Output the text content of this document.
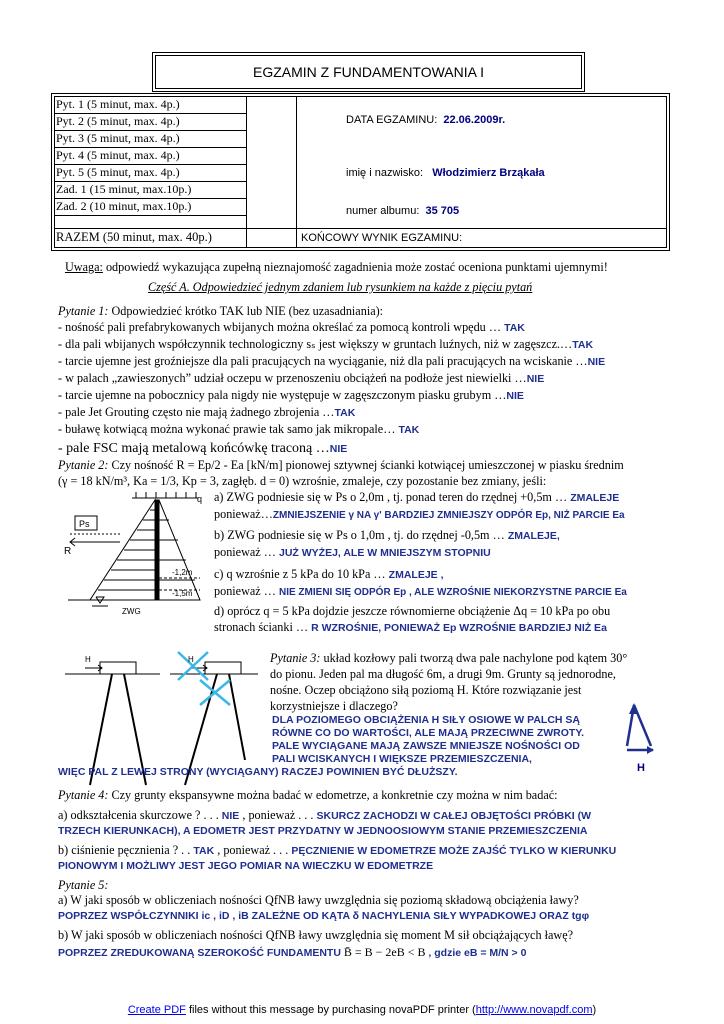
EGZAMIN Z FUNDAMENTOWANIA I
Pyt. 1 (5 minut, max. 4p.)
Pyt. 2 (5 minut, max. 4p.)
Pyt. 3 (5 minut, max. 4p.)
Pyt. 4 (5 minut, max. 4p.)
Pyt. 5 (5 minut, max. 4p.)
Zad. 1 (15 minut, max.10p.)
Zad. 2 (10 minut, max.10p.)
RAZEM (50 minut, max. 40p.)
DATA EGZAMINU: 22.06.2009r.
imię i nazwisko: Włodzimierz Brząkała
numer albumu: 35 705
KOŃCOWY WYNIK EGZAMINU:
Uwaga: odpowiedź wykazująca zupełną nieznajomość zagadnienia może zostać oceniona punktami ujemnymi!
Część A. Odpowiedzieć jednym zdaniem lub rysunkiem na każde z pięciu pytań
Pytanie 1: Odpowiedzieć krótko TAK lub NIE (bez uzasadniania):
- nośność pali prefabrykowanych wbijanych można określać za pomocą kontroli wpędu … TAK
- dla pali wbijanych współczynnik technologiczny sₛ jest większy w gruntach luźnych, niż w zagęszcz.…TAK
- tarcie ujemne jest groźniejsze dla pali pracujących na wyciąganie, niż dla pali pracujących na wciskanie …NIE
- w palach „zawieszonych” udział oczepu w przenoszeniu obciążeń na podłoże jest niewielki …NIE
- tarcie ujemne na pobocznicy pala nigdy nie występuje w zagęszczonym piasku grubym …NIE
- pale Jet Grouting często nie mają żadnego zbrojenia …TAK
- buławę kotwiącą można wykonać prawie tak samo jak mikropale… TAK
- pale FSC mają metalową końcówkę traconą …NIE
Pytanie 2: Czy nośność R = Ep/2 - Ea [kN/m] pionowej sztywnej ścianki kotwiącej umieszczonej w piasku średnim
(γ = 18 kN/m³, Ka = 1/3, Kp = 3, zagłęb. d = 0) wzrośnie, zmaleje, czy pozostanie bez zmiany, jeśli:
q
Ps
R
-1,2m
-1,5m
ZWG
a) ZWG podniesie się w Ps o 2,0m , tj. ponad teren do rzędnej +0,5m … ZMALEJE
ponieważ…ZMNIEJSZENIE γ NA γ' BARDZIEJ ZMNIEJSZY ODPÓR Ep, NIŻ PARCIE Ea
b) ZWG podniesie się w Ps o 1,0m , tj. do rzędnej -0,5m … ZMALEJE,
ponieważ … JUŻ WYŻEJ, ALE W MNIEJSZYM STOPNIU
c) q wzrośnie z 5 kPa do 10 kPa … ZMALEJE ,
ponieważ … NIE ZMIENI SIĘ ODPÓR Ep , ALE WZROŚNIE NIEKORZYSTNE PARCIE Ea
d) oprócz q = 5 kPa dojdzie jeszcze równomierne obciążenie Δq = 10 kPa po obu
stronach ścianki … R WZROŚNIE, PONIEWAŻ Ep WZROŚNIE BARDZIEJ NIŻ Ea
H	H	Pytanie 3: układ kozłowy pali tworzą dwa pale nachylone pod kątem 30°
do pionu. Jeden pal ma długość 6m, a drugi 9m. Grunty są jednorodne,
nośne. Oczep obciążono siłą poziomą H. Które rozwiązanie jest
korzystniejsze i dlaczego?
DLA POZIOMEGO OBCIĄŻENIA H SIŁY OSIOWE W PALCH SĄ
RÓWNE CO DO WARTOŚCI, ALE MAJĄ PRZECIWNE ZWROTY.
PALE WYCIĄGANE MAJĄ ZAWSZE MNIEJSZE NOŚNOŚCI OD
PALI WCISKANYCH I WIĘKSZE PRZEMIESZCZENIA,
WIĘC PAL Z LEWEJ STRONY (WYCIĄGANY) RACZEJ POWINIEN BYĆ DŁUŻSZY.	H
Pytanie 4: Czy grunty ekspansywne można badać w edometrze, a konkretnie czy można w nim badać:
a) odkształcenia skurczowe ? . . . NIE , ponieważ . . . SKURCZ ZACHODZI W CAŁEJ OBJĘTOŚCI PRÓBKI (W
TRZECH KIERUNKACH), A EDOMETR JEST PRZYDATNY W JEDNOOSIOWYM STANIE PRZEMIESZCZENIA
b) ciśnienie pęcznienia ? . . TAK , ponieważ . . . PĘCZNIENIE W EDOMETRZE MOŻE ZAJŚĆ TYLKO W KIERUNKU
PIONOWYM I MOŻLIWY JEST JEGO POMIAR NA WIECZKU W EDOMETRZE
Pytanie 5:
a) W jaki sposób w obliczeniach nośności QfNB ławy uwzględnia się poziomą składową obciążenia ławy?
POPRZEZ WSPÓŁCZYNNIKI ic , iD , iB ZALEŻNE OD KĄTA δ NACHYLENIA SIŁY WYPADKOWEJ ORAZ tgφ
b) W jaki sposób w obliczeniach nośności QfNB ławy uwzględnia się moment M sił obciążających ławę?
POPRZEZ ZREDUKOWANĄ SZEROKOŚĆ FUNDAMENTU B̄ = B − 2eB < B , gdzie eB = M/N > 0
Create PDF files without this message by purchasing novaPDF printer (http://www.novapdf.com)
